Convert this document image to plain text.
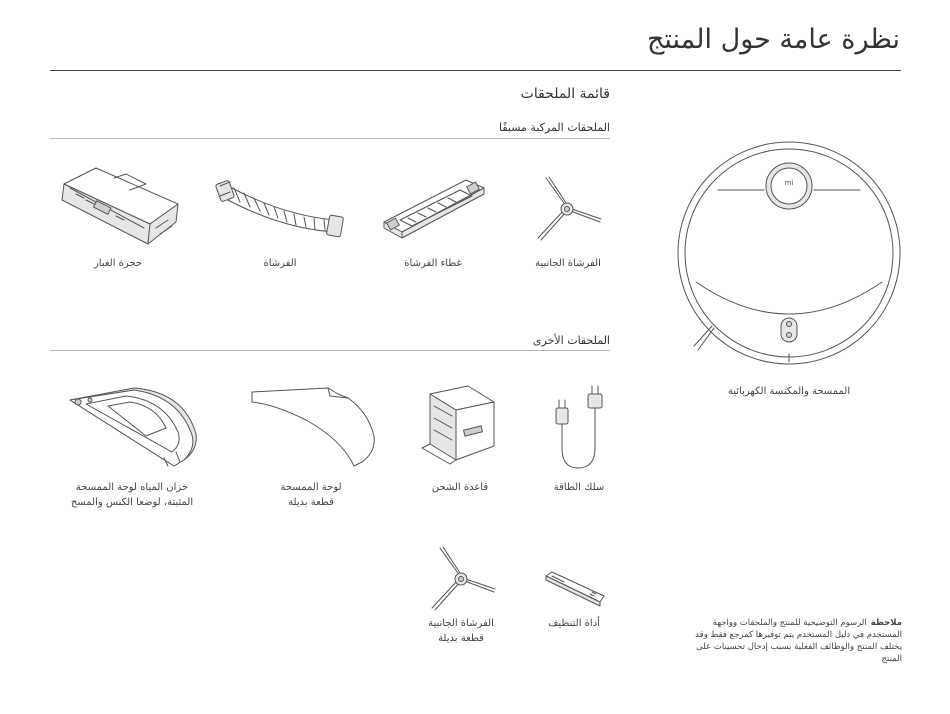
نظرة عامة حول المنتج
قائمة الملحقات
الملحقات المركبة مسبقًا
حجرة الغبار	الفرشاة	غطاء الفرشاة	الفرشاة الجانبية
الملحقات الأخرى
خزان المياه لوحة الممسحة
المثبتة، لوضعا الكنس والمسح
لوحة الممسحة
قطعة بديلة
قاعدة الشحن	سلك الطاقة
الفرشاة الجانبية
قطعة بديلة
أداة التنظيف
mi
الممسحة والمكنسة الكهربائية
ملاحظةالرسوم التوضيحية للمنتج والملحقات وواجهة المستخدم في دليل المستخدم يتم توفيرها كمرجع فقط وقد يختلف المنتج والوظائف الفعلية بسبب إدخال تحسينات على المنتج
